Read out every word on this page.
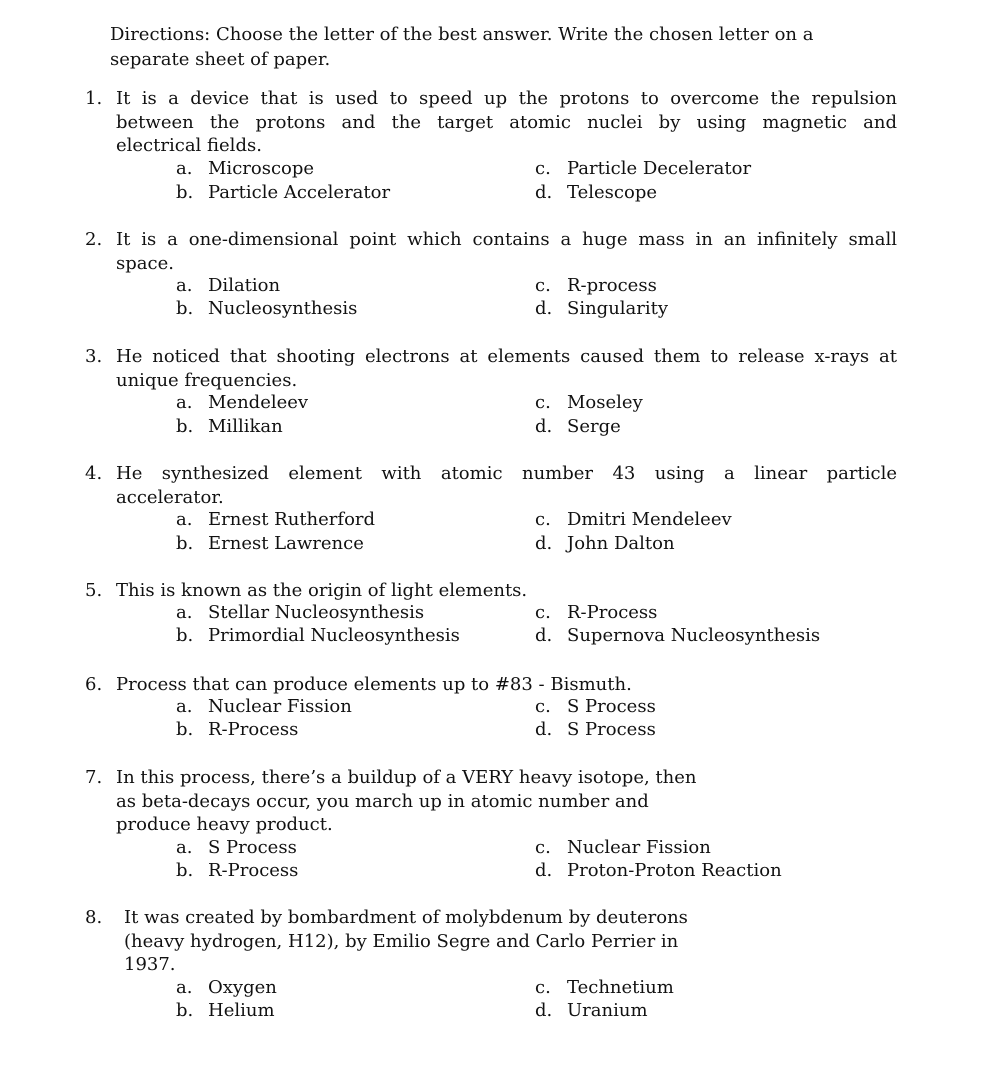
Directions: Choose the letter of the best answer. Write the chosen letter on a separate sheet of paper.

1. It is a device that is used to speed up the protons to overcome the repulsion
between the protons and the target atomic nuclei by using magnetic and
electrical fields.

a. Microscope	c. Particle Decelerator
b. Particle Accelerator	d. Telescope
2. It is a one-dimensional point which contains a huge mass in an infinitely small
space.

a. Dilation	c. R-process
b. Nucleosynthesis	d. Singularity
3. He noticed that shooting electrons at elements caused them to release x-rays at
unique frequencies.

a. Mendeleev	c. Moseley
b. Millikan	d. Serge
4. He synthesized element with atomic number 43 using a linear particle
accelerator.

a. Ernest Rutherford	c. Dmitri Mendeleev
b. Ernest Lawrence	d. John Dalton
5. This is known as the origin of light elements.

a. Stellar Nucleosynthesis	c. R-Process
b. Primordial Nucleosynthesis	d. Supernova Nucleosynthesis
6. Process that can produce elements up to #83 - Bismuth.

a. Nuclear Fission	c. S Process
b. R-Process	d. S Process
7. In this process, there’s a buildup of a VERY heavy isotope, then
as beta-decays occur, you march up in atomic number and
produce heavy product.

a. S Process	c. Nuclear Fission
b. R-Process	d. Proton-Proton Reaction
8. It was created by bombardment of molybdenum by deuterons
(heavy hydrogen, H12), by Emilio Segre and Carlo Perrier in
1937.

a. Oxygen	c. Technetium
b. Helium	d. Uranium
